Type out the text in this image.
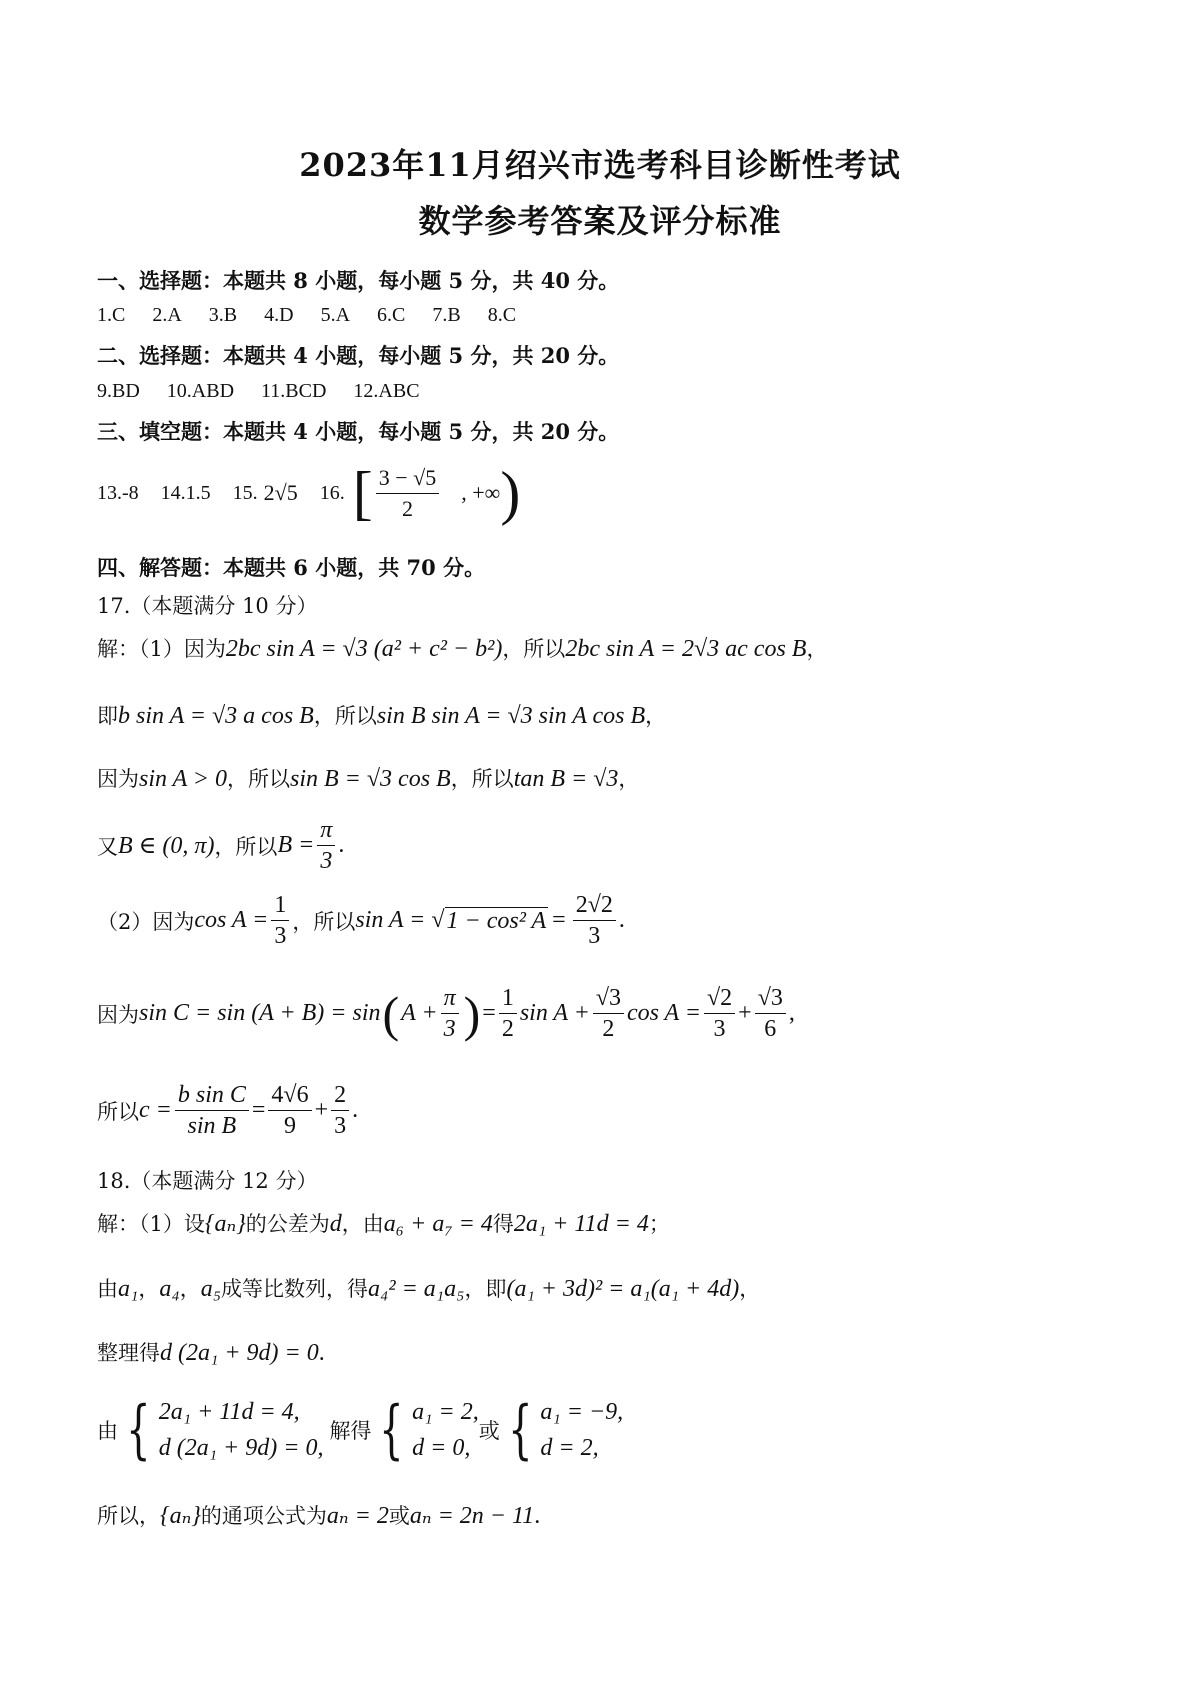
2023年11月绍兴市选考科目诊断性考试
数学参考答案及评分标准
一、选择题：本题共 8 小题，每小题 5 分，共 40 分。
1.C 2.A 3.B 4.D 5.A 6.C 7.B 8.C
二、选择题：本题共 4 小题，每小题 5 分，共 20 分。
9.BD 10.ABD 11.BCD 12.ABC
三、填空题：本题共 4 小题，每小题 5 分，共 20 分。
13.-8 14.1.5 15. 2√5 16. [ $\frac{3 - √5}{2}$ , +∞ )
四、解答题：本题共 6 小题，共 70 分。
17.（本题满分 10 分）
解：（1）因为2bc sin A = √3 (a² + c² − b²)，所以2bc sin A = 2√3 ac cos B，
即b sin A = √3 a cos B，所以sin B sin A = √3 sin A cos B，
因为sin A > 0，所以sin B = √3 cos B，所以tan B = √3，
又 B ∈ (0, π) ，所以 $B = \frac{\pi}{3}$ .
（2）因为 $\cos A = \frac{1}{3}$ ，所以 sin A = √ 1 − cos² $A = \frac{2√2}{3}$ .
因为 sin C = sin (A + B) = sin ( $A + \frac{\pi}{3}$ ) = $\frac{1}{2}$ $\sin A + \frac{√3}{2}$ $\cos A = \frac{√2}{3} + \frac{√3}{6}$ ,
所以 $c = \frac{\text{b sin C}}{\text{sin B}} = \frac{4√6}{9} + \frac{2}{3}$ .
18.（本题满分 12 分）
解：（1）设{aₙ}的公差为d，由a₆ + a₇ = 4得2a₁ + 11d = 4；
由a₁，a₄，a₅成等比数列，得a₄² = a₁a₅，即(a₁ + 3d)² = a₁(a₁ + 4d)，
整理得d (2a₁ + 9d) = 0.
由 { 2a₁ + 11d = 4,
d (2a₁ + 9d) = 0,
解得 { a₁ = 2,
d = 0,
或 { a₁ = −9,
d = 2,
所以，{aₙ}的通项公式为aₙ = 2或aₙ = 2n − 11.
